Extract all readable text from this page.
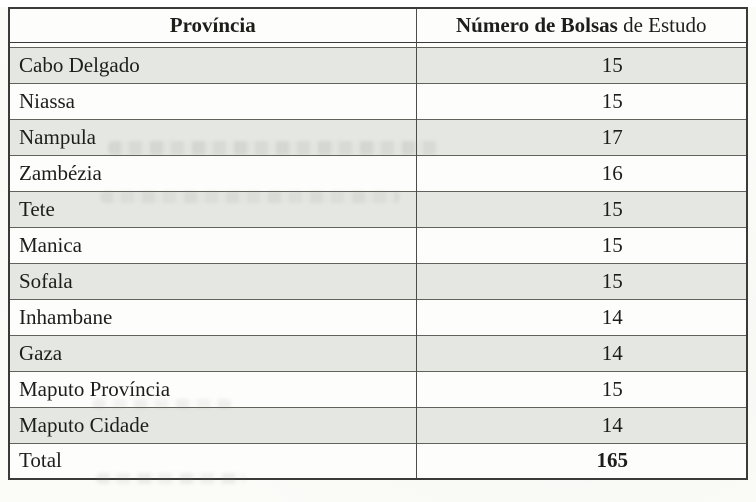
Província	Número de Bolsas de Estudo

Cabo Delgado	15
Niassa	15
Nampula	17
Zambézia	16
Tete	15
Manica	15
Sofala	15
Inhambane	14
Gaza	14
Maputo Província	15
Maputo Cidade	14
Total	165
